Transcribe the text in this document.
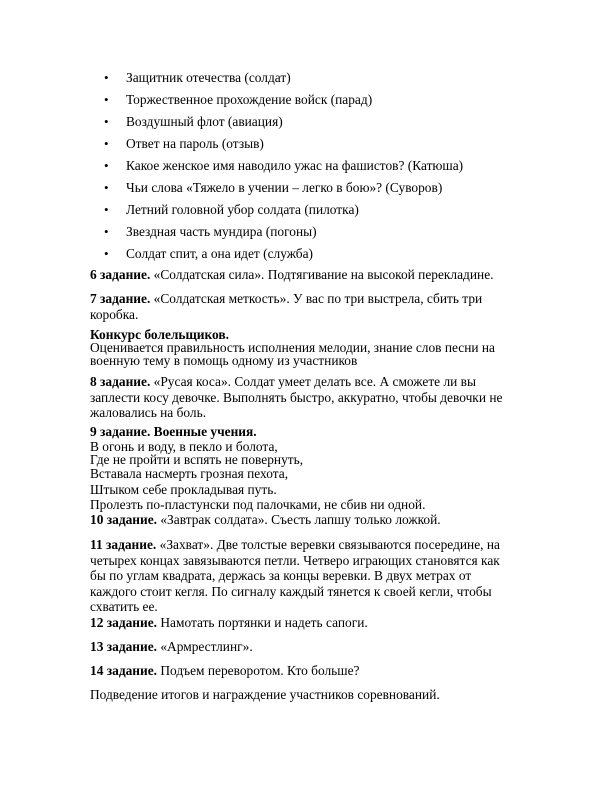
• Защитник отечества (солдат)
• Торжественное прохождение войск (парад)
• Воздушный флот (авиация)
• Ответ на пароль (отзыв)
• Какое женское имя наводило ужас на фашистов? (Катюша)
• Чьи слова «Тяжело в учении – легко в бою»? (Суворов)
• Летний головной убор солдата (пилотка)
• Звездная часть мундира (погоны)
• Солдат спит, а она идет (служба)
6 задание. «Солдатская сила». Подтягивание на высокой перекладине.
7 задание. «Солдатская меткость». У вас по три выстрела, сбить три
коробка.
Конкурс болельщиков.
Оценивается правильность исполнения мелодии, знание слов песни на
военную тему в помощь одному из участников
8 задание. «Русая коса». Солдат умеет делать все. А сможете ли вы
заплести косу девочке. Выполнять быстро, аккуратно, чтобы девочки не
жаловались на боль.
9 задание. Военные учения.
В огонь и воду, в пекло и болота,
Где не пройти и вспять не повернуть,
Вставала насмерть грозная пехота,
Штыком себе прокладывая путь.
Пролезть по-пластунски под палочками, не сбив ни одной.
10 задание. «Завтрак солдата». Съесть лапшу только ложкой.
11 задание. «Захват». Две толстые веревки связываются посередине, на
четырех концах завязываются петли. Четверо играющих становятся как
бы по углам квадрата, держась за концы веревки. В двух метрах от
каждого стоит кегля. По сигналу каждый тянется к своей кегли, чтобы
схватить ее.
12 задание. Намотать портянки и надеть сапоги.
13 задание. «Армрестлинг».
14 задание. Подъем переворотом. Кто больше?
Подведение итогов и награждение участников соревнований.
